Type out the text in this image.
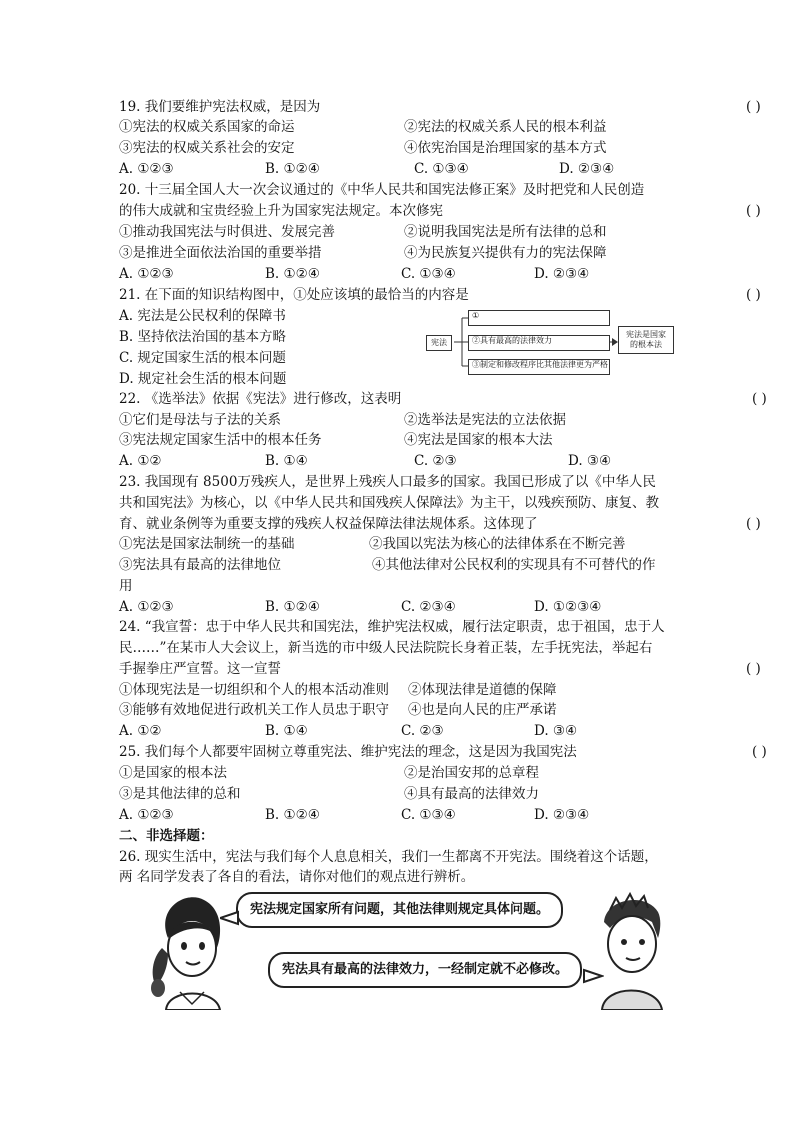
19. 我们要维护宪法权威，是因为	( )
①宪法的权威关系国家的命运	②宪法的权威关系人民的根本利益
③宪法的权威关系社会的安定	④依宪治国是治理国家的基本方式
A. ①②③	B. ①②④	C. ①③④	D. ②③④
20. 十三届全国人大一次会议通过的《中华人民共和国宪法修正案》及时把党和人民创造
的伟大成就和宝贵经验上升为国家宪法规定。本次修宪	( )
①推动我国宪法与时俱进、发展完善	②说明我国宪法是所有法律的总和
③是推进全面依法治国的重要举措	④为民族复兴提供有力的宪法保障
A. ①②③	B. ①②④	C. ①③④	D. ②③④
21. 在下面的知识结构图中，①处应该填的最恰当的内容是	( )
A. 宪法是公民权利的保障书
B. 坚持依法治国的基本方略
C. 规定国家生活的根本问题
D. 规定社会生活的根本问题
宪法
①
②具有最高的法律效力
③制定和修改程序比其他法律更为严格
宪法是国家
的根本法
22. 《选举法》依据《宪法》进行修改，这表明	( )
①它们是母法与子法的关系	②选举法是宪法的立法依据
③宪法规定国家生活中的根本任务	④宪法是国家的根本大法
A. ①②	B. ①④	C. ②③	D. ③④
23. 我国现有 8500万残疾人，是世界上残疾人口最多的国家。我国已形成了以《中华人民
共和国宪法》为核心，以《中华人民共和国残疾人保障法》为主干，以残疾预防、康复、教
育、就业条例等为重要支撑的残疾人权益保障法律法规体系。这体现了	( )
①宪法是国家法制统一的基础	②我国以宪法为核心的法律体系在不断完善
③宪法具有最高的法律地位	④其他法律对公民权利的实现具有不可替代的作
用
A. ①②③	B. ①②④	C. ②③④	D. ①②③④
24. “我宣誓：忠于中华人民共和国宪法，维护宪法权威，履行法定职责，忠于祖国，忠于人
民……”在某市人大会议上，新当选的市中级人民法院院长身着正装，左手抚宪法，举起右
手握拳庄严宣誓。这一宣誓	( )
①体现宪法是一切组织和个人的根本活动准则 ②体现法律是道德的保障
③能够有效地促进行政机关工作人员忠于职守 ④也是向人民的庄严承诺
A. ①②	B. ①④	C. ②③	D. ③④
25. 我们每个人都要牢固树立尊重宪法、维护宪法的理念，这是因为我国宪法	( )
①是国家的根本法	②是治国安邦的总章程
③是其他法律的总和	④具有最高的法律效力
A. ①②③	B. ①②④	C. ①③④	D. ②③④
二、非选择题：
26. 现实生活中，宪法与我们每个人息息相关，我们一生都离不开宪法。围绕着这个话题，
两 名同学发表了各自的看法，请你对他们的观点进行辨析。
宪法规定国家所有问题，其他法律则规定具体问题。
宪法具有最高的法律效力，一经制定就不必修改。
